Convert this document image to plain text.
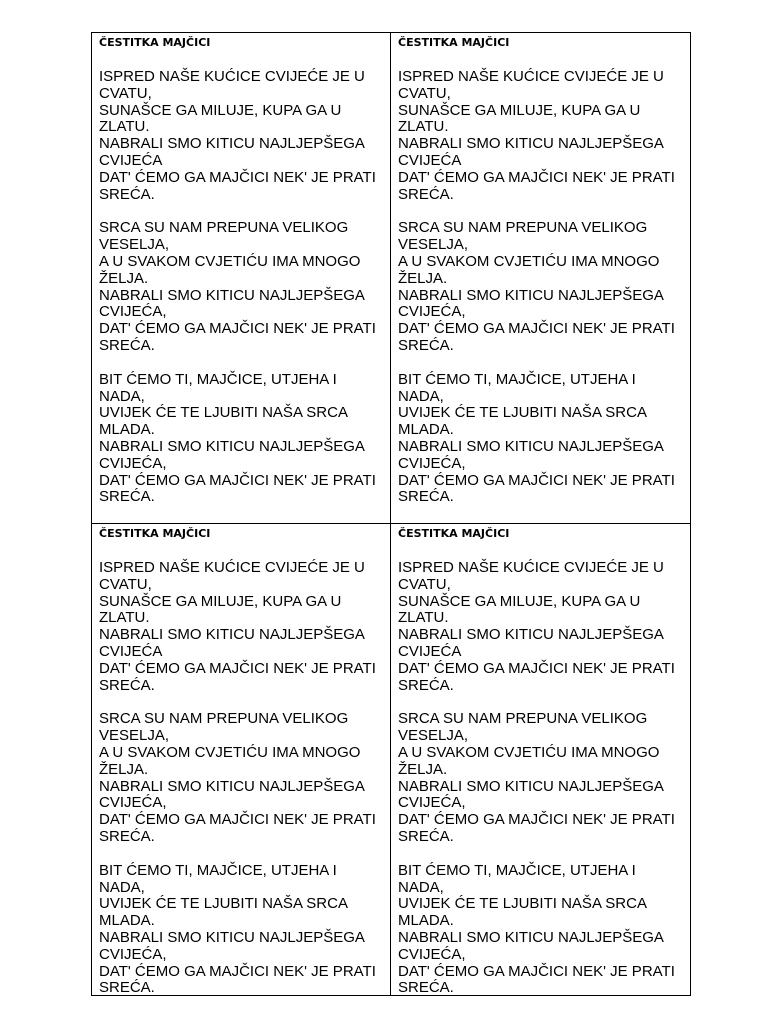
ČESTITKA MAJČICI
ISPRED NAŠE KUĆICE CVIJEĆE JE U CVATU,
SUNAŠCE GA MILUJE, KUPA GA U ZLATU.
NABRALI SMO KITICU NAJLJEPŠEGA CVIJEĆA
DAT' ĆEMO GA MAJČICI NEK' JE PRATI SREĆA.
SRCA SU NAM PREPUNA VELIKOG VESELJA,
A U SVAKOM CVJETIĆU IMA MNOGO ŽELJA.
NABRALI SMO KITICU NAJLJEPŠEGA CVIJEĆA,
DAT' ĆEMO GA MAJČICI NEK' JE PRATI SREĆA.
BIT ĆEMO TI, MAJČICE, UTJEHA I NADA,
UVIJEK ĆE TE LJUBITI NAŠA SRCA MLADA.
NABRALI SMO KITICU NAJLJEPŠEGA CVIJEĆA,
DAT' ĆEMO GA MAJČICI NEK' JE PRATI SREĆA.
ČESTITKA MAJČICI
ISPRED NAŠE KUĆICE CVIJEĆE JE U CVATU,
SUNAŠCE GA MILUJE, KUPA GA U ZLATU.
NABRALI SMO KITICU NAJLJEPŠEGA CVIJEĆA
DAT' ĆEMO GA MAJČICI NEK' JE PRATI SREĆA.
SRCA SU NAM PREPUNA VELIKOG VESELJA,
A U SVAKOM CVJETIĆU IMA MNOGO ŽELJA.
NABRALI SMO KITICU NAJLJEPŠEGA CVIJEĆA,
DAT' ĆEMO GA MAJČICI NEK' JE PRATI SREĆA.
BIT ĆEMO TI, MAJČICE, UTJEHA I NADA,
UVIJEK ĆE TE LJUBITI NAŠA SRCA MLADA.
NABRALI SMO KITICU NAJLJEPŠEGA CVIJEĆA,
DAT' ĆEMO GA MAJČICI NEK' JE PRATI SREĆA.
ČESTITKA MAJČICI
ISPRED NAŠE KUĆICE CVIJEĆE JE U CVATU,
SUNAŠCE GA MILUJE, KUPA GA U ZLATU.
NABRALI SMO KITICU NAJLJEPŠEGA CVIJEĆA
DAT' ĆEMO GA MAJČICI NEK' JE PRATI SREĆA.
SRCA SU NAM PREPUNA VELIKOG VESELJA,
A U SVAKOM CVJETIĆU IMA MNOGO ŽELJA.
NABRALI SMO KITICU NAJLJEPŠEGA CVIJEĆA,
DAT' ĆEMO GA MAJČICI NEK' JE PRATI SREĆA.
BIT ĆEMO TI, MAJČICE, UTJEHA I NADA,
UVIJEK ĆE TE LJUBITI NAŠA SRCA MLADA.
NABRALI SMO KITICU NAJLJEPŠEGA CVIJEĆA,
DAT' ĆEMO GA MAJČICI NEK' JE PRATI SREĆA.
ČESTITKA MAJČICI
ISPRED NAŠE KUĆICE CVIJEĆE JE U CVATU,
SUNAŠCE GA MILUJE, KUPA GA U ZLATU.
NABRALI SMO KITICU NAJLJEPŠEGA CVIJEĆA
DAT' ĆEMO GA MAJČICI NEK' JE PRATI SREĆA.
SRCA SU NAM PREPUNA VELIKOG VESELJA,
A U SVAKOM CVJETIĆU IMA MNOGO ŽELJA.
NABRALI SMO KITICU NAJLJEPŠEGA CVIJEĆA,
DAT' ĆEMO GA MAJČICI NEK' JE PRATI SREĆA.
BIT ĆEMO TI, MAJČICE, UTJEHA I NADA,
UVIJEK ĆE TE LJUBITI NAŠA SRCA MLADA.
NABRALI SMO KITICU NAJLJEPŠEGA CVIJEĆA,
DAT' ĆEMO GA MAJČICI NEK' JE PRATI SREĆA.
